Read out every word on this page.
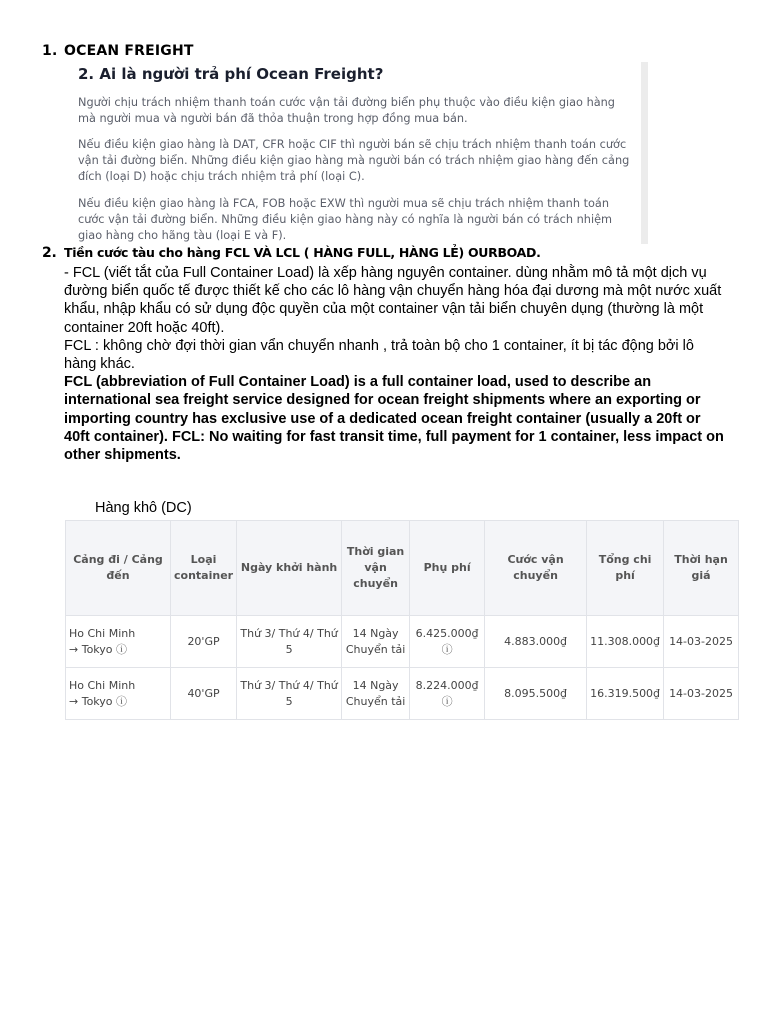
1. OCEAN FREIGHT
2. Ai là người trả phí Ocean Freight?
Người chịu trách nhiệm thanh toán cước vận tải đường biển phụ thuộc vào điều kiện giao hàng mà người mua và người bán đã thỏa thuận trong hợp đồng mua bán.
Nếu điều kiện giao hàng là DAT, CFR hoặc CIF thì người bán sẽ chịu trách nhiệm thanh toán cước vận tải đường biển. Những điều kiện giao hàng mà người bán có trách nhiệm giao hàng đến cảng đích (loại D) hoặc chịu trách nhiệm trả phí (loại C).
Nếu điều kiện giao hàng là FCA, FOB hoặc EXW thì người mua sẽ chịu trách nhiệm thanh toán cước vận tải đường biển. Những điều kiện giao hàng này có nghĩa là người bán có trách nhiệm giao hàng cho hãng tàu (loại E và F).
2. Tiền cước tàu cho hàng FCL VÀ LCL ( HÀNG FULL, HÀNG LẺ) OURBOAD.

- FCL (viết tắt của Full Container Load) là xếp hàng nguyên container. dùng nhằm mô tả một dịch vụ đường biển quốc tế được thiết kế cho các lô hàng vận chuyển hàng hóa đại dương mà một nước xuất khẩu, nhập khẩu có sử dụng độc quyền của một container vận tải biển chuyên dụng (thường là một container 20ft hoặc 40ft).

FCL : không chờ đợi thời gian vẩn chuyển nhanh , trả toàn bộ cho 1 container, ít bị tác động bởi lô hàng khác.

FCL (abbreviation of Full Container Load) is a full container load, used to describe an international sea freight service designed for ocean freight shipments where an exporting or importing country has exclusive use of a dedicated ocean freight container (usually a 20ft or 40ft container). FCL: No waiting for fast transit time, full payment for 1 container, less impact on other shipments.

Hàng khô (DC)
Cảng đi / Cảng đến	Loại container	Ngày khởi hành	Thời gian vận chuyển	Phụ phí	Cước vận chuyển	Tổng chi phí	Thời hạn giá
Ho Chi Minh
→ Tokyo ⓘ	20'GP	Thứ 3/ Thứ 4/ Thứ 5	14 Ngày Chuyển tải	6.425.000₫ ⓘ	4.883.000₫	11.308.000₫	14-03-2025
Ho Chi Minh
→ Tokyo ⓘ	40'GP	Thứ 3/ Thứ 4/ Thứ 5	14 Ngày Chuyển tải	8.224.000₫ ⓘ	8.095.500₫	16.319.500₫	14-03-2025
